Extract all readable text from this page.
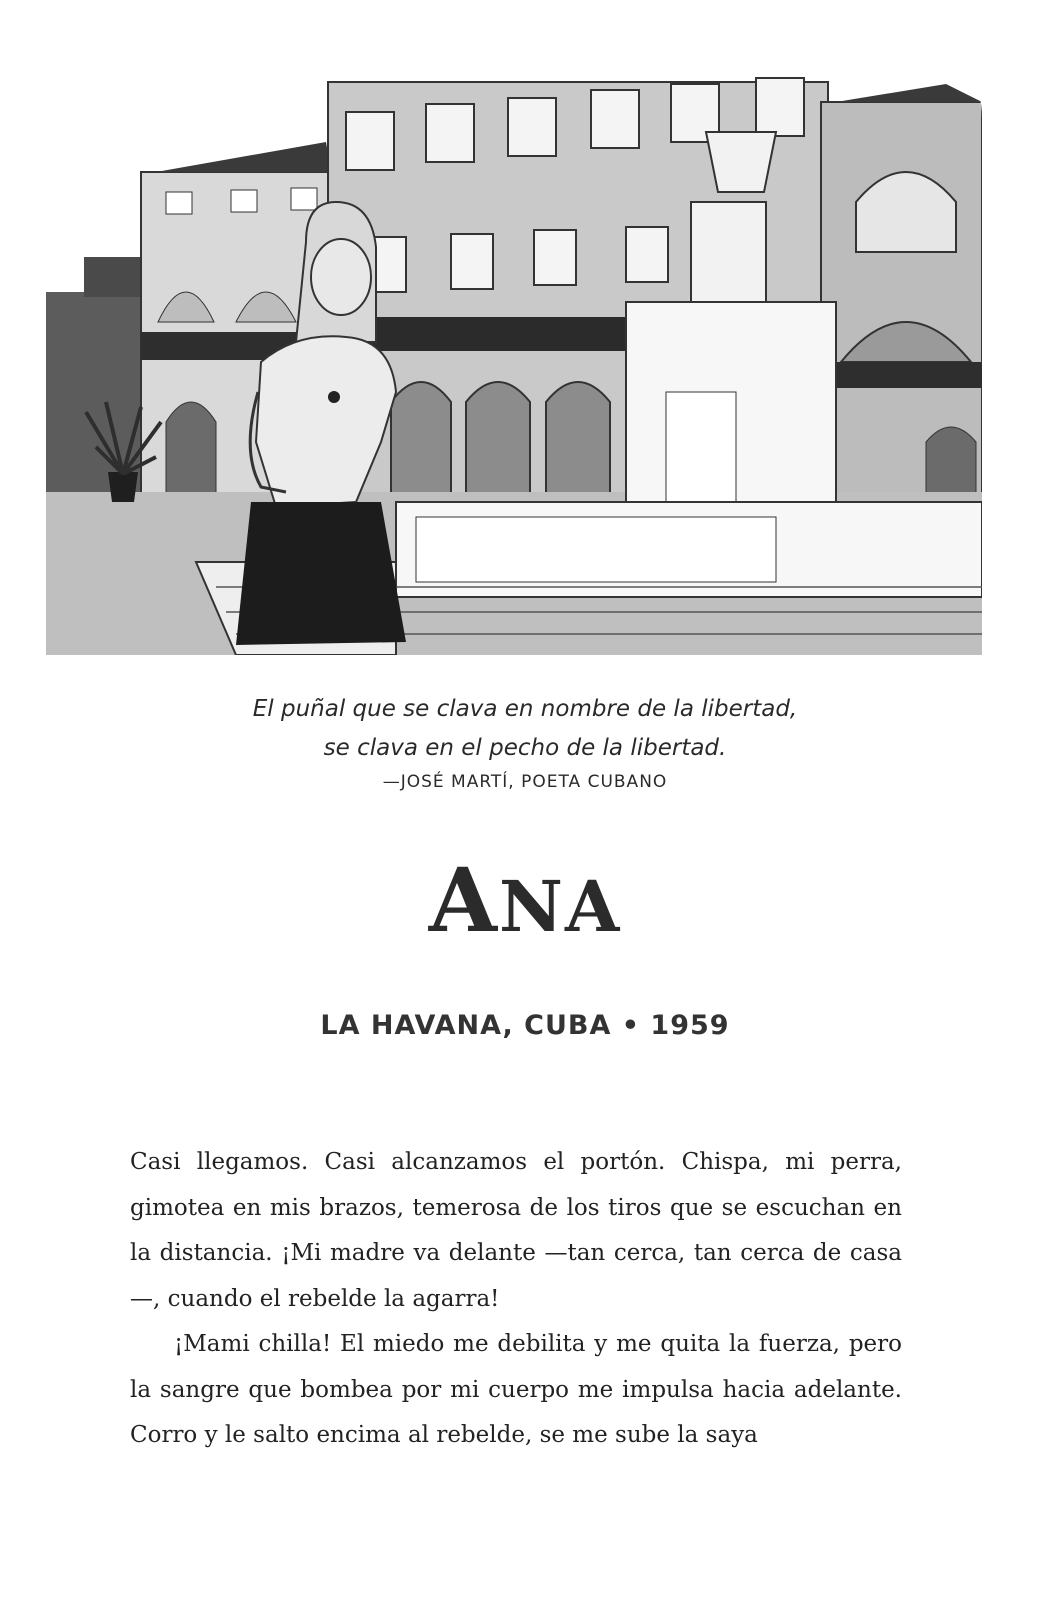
El puñal que se clava en nombre de la libertad,
se clava en el pecho de la libertad.
—JOSÉ MARTÍ, POETA CUBANO
ANA
LA HAVANA, CUBA • 1959

Casi llegamos. Casi alcanzamos el portón. Chispa, mi perra, gimotea en mis brazos, temerosa de los tiros que se escuchan en la distancia. ¡Mi madre va delante —tan cerca, tan cerca de casa—, cuando el rebelde la agarra!

¡Mami chilla! El miedo me debilita y me quita la fuerza, pero la sangre que bombea por mi cuerpo me impulsa hacia adelante. Corro y le salto encima al rebelde, se me sube la saya
